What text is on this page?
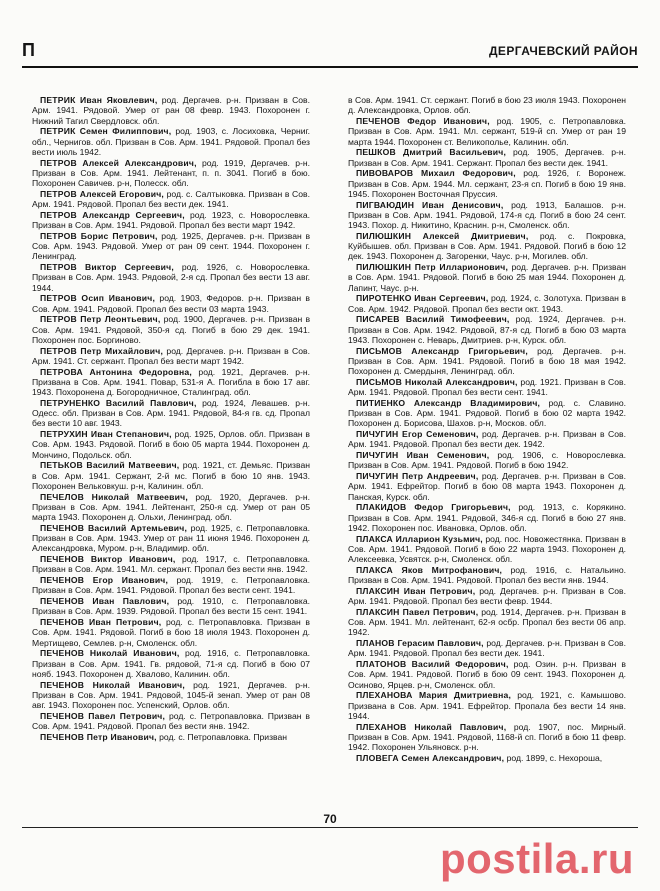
П	ДЕРГАЧЕВСКИЙ РАЙОН

ПЕТРИК Иван Яковлевич, род. Дергачев. р-н. Призван в Сов. Арм. 1941. Рядовой. Умер от ран 08 февр. 1943. Похоронен г. Нижний Тагил Свердловск. обл.

ПЕТРИК Семен Филиппович, род. 1903, с. Лосиховка, Черниг. обл., Чернигов. обл. Призван в Сов. Арм. 1941. Рядовой. Пропал без вести июль 1942.

ПЕТРОВ Алексей Александрович, род. 1919, Дергачев. р-н. Призван в Сов. Арм. 1941. Лейтенант, п. п. 3041. Погиб в бою. Похоронен Савичев. р-н, Полесск. обл.

ПЕТРОВ Алексей Егорович, род. с. Салтыковка. Призван в Сов. Арм. 1941. Рядовой. Пропал без вести дек. 1941.

ПЕТРОВ Александр Сергеевич, род. 1923, с. Новорослевка. Призван в Сов. Арм. 1941. Рядовой. Пропал без вести март 1942.

ПЕТРОВ Борис Петрович, род. 1925, Дергачев. р-н. Призван в Сов. Арм. 1943. Рядовой. Умер от ран 09 сент. 1944. Похоронен г. Ленинград.

ПЕТРОВ Виктор Сергеевич, род. 1926, с. Новорослевка. Призван в Сов. Арм. 1943. Рядовой, 2-я сд. Пропал без вести 13 авг. 1944.

ПЕТРОВ Осип Иванович, род. 1903, Федоров. р-н. Призван в Сов. Арм. 1941. Рядовой. Пропал без вести 03 марта 1943.

ПЕТРОВ Петр Леонтьевич, род. 1900, Дергачев. р-н. Призван в Сов. Арм. 1941. Рядовой, 350-я сд. Погиб в бою 29 дек. 1941. Похоронен пос. Боргиново.

ПЕТРОВ Петр Михайлович, род. Дергачев. р-н. Призван в Сов. Арм. 1941. Ст. сержант. Пропал без вести март 1942.

ПЕТРОВА Антонина Федоровна, род. 1921, Дергачев. р-н. Призвана в Сов. Арм. 1941. Повар, 531-я А. Погибла в бою 17 авг. 1943. Похоронена д. Богородничное, Сталинград. обл.

ПЕТРУНЕНКО Василий Павлович, род. 1924, Левашев. р-н. Одесс. обл. Призван в Сов. Арм. 1941. Рядовой, 84-я гв. сд. Пропал без вести 10 авг. 1943.

ПЕТРУХИН Иван Степанович, род. 1925, Орлов. обл. Призван в Сов. Арм. 1943. Рядовой. Погиб в бою 05 марта 1944. Похоронен д. Мончино, Подольск. обл.

ПЕТЬКОВ Василий Матвеевич, род. 1921, ст. Демьяс. Призван в Сов. Арм. 1941. Сержант, 2-й мс. Погиб в бою 10 янв. 1943. Похоронен Вельковкуш. р-н, Калинин. обл.

ПЕЧЕЛОВ Николай Матвеевич, род. 1920, Дергачев. р-н. Призван в Сов. Арм. 1941. Лейтенант, 250-я сд. Умер от ран 05 марта 1943. Похоронен д. Ольхи, Ленинград. обл.

ПЕЧЕНОВ Василий Артемьевич, род. 1925, с. Петропавловка. Призван в Сов. Арм. 1943. Умер от ран 11 июня 1946. Похоронен д. Александровка, Муром. р-н, Владимир. обл.

ПЕЧЕНОВ Виктор Иванович, род. 1917, с. Петропавловка. Призван в Сов. Арм. 1941. Мл. сержант. Пропал без вести янв. 1942.

ПЕЧЕНОВ Егор Иванович, род. 1919, с. Петропавловка. Призван в Сов. Арм. 1941. Рядовой. Пропал без вести сент. 1941.

ПЕЧЕНОВ Иван Павлович, род. 1910, с. Петропавловка. Призван в Сов. Арм. 1939. Рядовой. Пропал без вести 15 сент. 1941.

ПЕЧЕНОВ Иван Петрович, род. с. Петропавловка. Призван в Сов. Арм. 1941. Рядовой. Погиб в бою 18 июля 1943. Похоронен д. Мертищево, Семлев. р-н, Смоленск. обл.

ПЕЧЕНОВ Николай Иванович, род. 1916, с. Петропавловка. Призван в Сов. Арм. 1941. Гв. рядовой, 71-я сд. Погиб в бою 07 нояб. 1943. Похоронен д. Хвалово, Калинин. обл.

ПЕЧЕНОВ Николай Иванович, род. 1921, Дергачев. р-н. Призван в Сов. Арм. 1941. Рядовой, 1045-й зенап. Умер от ран 08 авг. 1943. Похоронен пос. Успенский, Орлов. обл.

ПЕЧЕНОВ Павел Петрович, род. с. Петропавловка. Призван в Сов. Арм. 1941. Рядовой. Пропал без вести янв. 1942.

ПЕЧЕНОВ Петр Иванович, род. с. Петропавловка. Призван

в Сов. Арм. 1941. Ст. сержант. Погиб в бою 23 июля 1943. Похоронен д. Александровка, Орлов. обл.

ПЕЧЕНОВ Федор Иванович, род. 1905, с. Петропавловка. Призван в Сов. Арм. 1941. Мл. сержант, 519-й сп. Умер от ран 19 марта 1944. Похоронен ст. Великопольe, Калинин. обл.

ПЕШКОВ Дмитрий Васильевич, род. 1905, Дергачев. р-н. Призван в Сов. Арм. 1941. Сержант. Пропал без вести дек. 1941.

ПИВОВАРОВ Михаил Федорович, род. 1926, г. Воронеж. Призван в Сов. Арм. 1944. Мл. сержант, 23-я сп. Погиб в бою 19 янв. 1945. Похоронен Восточная Пруссия.

ПИГВАЮДИН Иван Денисович, род. 1913, Балашов. р-н. Призван в Сов. Арм. 1941. Рядовой, 174-я сд. Погиб в бою 24 сент. 1943. Похор. д. Никитино, Краснин. р-н, Смоленск. обл.

ПИЛЮШКИН Алексей Дмитриевич, род. с. Покровка, Куйбышев. обл. Призван в Сов. Арм. 1941. Рядовой. Погиб в бою 12 дек. 1943. Похоронен д. Загоренки, Чаус. р-н, Могилев. обл.

ПИЛЮШКИН Петр Илларионович, род. Дергачев. р-н. Призван в Сов. Арм. 1941. Рядовой. Погиб в бою 25 мая 1944. Похоронен д. Лапинт, Чаус. р-н.

ПИРОТЕНКО Иван Сергеевич, род. 1924, с. Золотуха. Призван в Сов. Арм. 1942. Рядовой. Пропал без вести окт. 1943.

ПИСАРЕВ Василий Тимофеевич, род. 1924, Дергачев. р-н. Призван в Сов. Арм. 1942. Рядовой, 87-я сд. Погиб в бою 03 марта 1943. Похоронен с. Неварь, Дмитриев. р-н, Курск. обл.

ПИСЬМОВ Александр Григорьевич, род. Дергачев. р-н. Призван в Сов. Арм. 1941. Рядовой. Погиб в бою 18 мая 1942. Похоронен д. Смердыня, Ленинград. обл.

ПИСЬМОВ Николай Александрович, род. 1921. Призван в Сов. Арм. 1941. Рядовой. Пропал без вести сент. 1941.

ПИТИЕНКО Александр Владимирович, род. с. Славино. Призван в Сов. Арм. 1941. Рядовой. Погиб в бою 02 марта 1942. Похоронен д. Борисова, Шахов. р-н, Москов. обл.

ПИЧУГИН Егор Семенович, род. Дергачев. р-н. Призван в Сов. Арм. 1941. Рядовой. Пропал без вести дек. 1942.

ПИЧУГИН Иван Семенович, род. 1906, с. Новорослевка. Призван в Сов. Арм. 1941. Рядовой. Погиб в бою 1942.

ПИЧУГИН Петр Андреевич, род. Дергачев. р-н. Призван в Сов. Арм. 1941. Ефрейтор. Погиб в бою 08 марта 1943. Похоронен д. Панская, Курск. обл.

ПЛАКИДОВ Федор Григорьевич, род. 1913, с. Корякино. Призван в Сов. Арм. 1941. Рядовой, 346-я сд. Погиб в бою 27 янв. 1942. Похоронен пос. Ивановка, Орлов. обл.

ПЛАКСА Илларион Кузьмич, род. пос. Новожестянка. Призван в Сов. Арм. 1941. Рядовой. Погиб в бою 22 марта 1943. Похоронен д. Алексеевка, Усвятск. р-н, Смоленск. обл.

ПЛАКСА Яков Митрофанович, род. 1916, с. Натальино. Призван в Сов. Арм. 1941. Рядовой. Пропал без вести янв. 1944.

ПЛАКСИН Иван Петрович, род. Дергачев. р-н. Призван в Сов. Арм. 1941. Рядовой. Пропал без вести февр. 1944.

ПЛАКСИН Павел Петрович, род. 1914, Дергачев. р-н. Призван в Сов. Арм. 1941. Мл. лейтенант, 62-я осбр. Пропал без вести 06 апр. 1942.

ПЛАНОВ Герасим Павлович, род. Дергачев. р-н. Призван в Сов. Арм. 1941. Рядовой. Пропал без вести дек. 1941.

ПЛАТОНОВ Василий Федорович, род. Озин. р-н. Призван в Сов. Арм. 1941. Рядовой. Погиб в бою 09 сент. 1943. Похоронен д. Осиново, Ярцев. р-н, Смоленск. обл.

ПЛЕХАНОВА Мария Дмитриевна, род. 1921, с. Камышово. Призвана в Сов. Арм. 1941. Ефрейтор. Пропала без вести 14 янв. 1944.

ПЛЕХАНОВ Николай Павлович, род. 1907, пос. Мирный. Призван в Сов. Арм. 1941. Рядовой, 1168-й сп. Погиб в бою 11 февр. 1942. Похоронен Ульяновск. р-н.

ПЛОВЕГА Семен Александрович, род. 1899, с. Нехороша,

70
postila.ru
